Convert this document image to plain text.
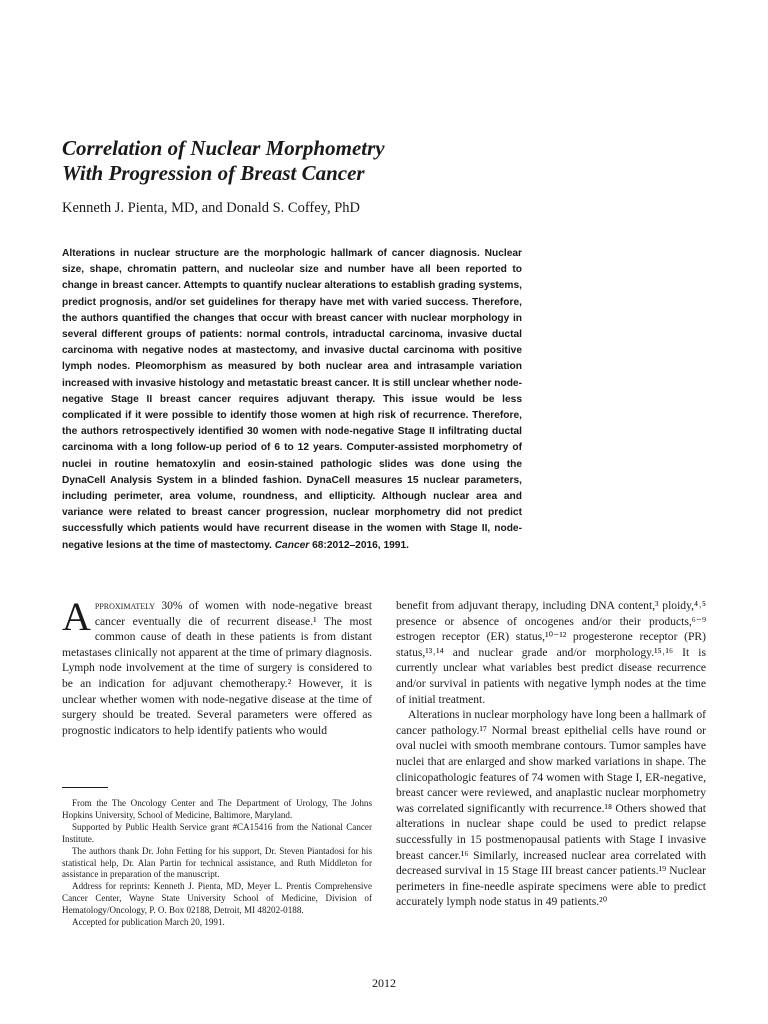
Correlation of Nuclear Morphometry
With Progression of Breast Cancer
Kenneth J. Pienta, MD, and Donald S. Coffey, PhD
Alterations in nuclear structure are the morphologic hallmark of cancer diagnosis. Nuclear size, shape, chromatin pattern, and nucleolar size and number have all been reported to change in breast cancer. Attempts to quantify nuclear alterations to establish grading systems, predict prognosis, and/or set guidelines for therapy have met with varied success. Therefore, the authors quantified the changes that occur with breast cancer with nuclear morphology in several different groups of patients: normal controls, intraductal carcinoma, invasive ductal carcinoma with negative nodes at mastectomy, and invasive ductal carcinoma with positive lymph nodes. Pleomorphism as measured by both nuclear area and intrasample variation increased with invasive histology and metastatic breast cancer. It is still unclear whether node-negative Stage II breast cancer requires adjuvant therapy. This issue would be less complicated if it were possible to identify those women at high risk of recurrence. Therefore, the authors retrospectively identified 30 women with node-negative Stage II infiltrating ductal carcinoma with a long follow-up period of 6 to 12 years. Computer-assisted morphometry of nuclei in routine hematoxylin and eosin-stained pathologic slides was done using the DynaCell Analysis System in a blinded fashion. DynaCell measures 15 nuclear parameters, including perimeter, area volume, roundness, and ellipticity. Although nuclear area and variance were related to breast cancer progression, nuclear morphometry did not predict successfully which patients would have recurrent disease in the women with Stage II, node-negative lesions at the time of mastectomy. Cancer 68:2012–2016, 1991.

Approximately 30% of women with node-negative breast cancer eventually die of recurrent disease.¹ The most common cause of death in these patients is from distant metastases clinically not apparent at the time of primary diagnosis. Lymph node involvement at the time of surgery is considered to be an indication for adjuvant chemotherapy.² However, it is unclear whether women with node-negative disease at the time of surgery should be treated. Several parameters were offered as prognostic indicators to help identify patients who would

From the The Oncology Center and The Department of Urology, The Johns Hopkins University, School of Medicine, Baltimore, Maryland.

Supported by Public Health Service grant #CA15416 from the National Cancer Institute.

The authors thank Dr. John Fetting for his support, Dr. Steven Piantadosi for his statistical help, Dr. Alan Partin for technical assistance, and Ruth Middleton for assistance in preparation of the manuscript.

Address for reprints: Kenneth J. Pienta, MD, Meyer L. Prentis Comprehensive Cancer Center, Wayne State University School of Medicine, Division of Hematology/Oncology, P. O. Box 02188, Detroit, MI 48202-0188.

Accepted for publication March 20, 1991.

benefit from adjuvant therapy, including DNA content,³ ploidy,⁴˒⁵ presence or absence of oncogenes and/or their products,⁶⁻⁹ estrogen receptor (ER) status,¹⁰⁻¹² progesterone receptor (PR) status,¹³˒¹⁴ and nuclear grade and/or morphology.¹⁵˒¹⁶ It is currently unclear what variables best predict disease recurrence and/or survival in patients with negative lymph nodes at the time of initial treatment.

Alterations in nuclear morphology have long been a hallmark of cancer pathology.¹⁷ Normal breast epithelial cells have round or oval nuclei with smooth membrane contours. Tumor samples have nuclei that are enlarged and show marked variations in shape. The clinicopathologic features of 74 women with Stage I, ER-negative, breast cancer were reviewed, and anaplastic nuclear morphometry was correlated significantly with recurrence.¹⁸ Others showed that alterations in nuclear shape could be used to predict relapse successfully in 15 postmenopausal patients with Stage I invasive breast cancer.¹⁶ Similarly, increased nuclear area correlated with decreased survival in 15 Stage III breast cancer patients.¹⁹ Nuclear perimeters in fine-needle aspirate specimens were able to predict accurately lymph node status in 49 patients.²⁰

2012
